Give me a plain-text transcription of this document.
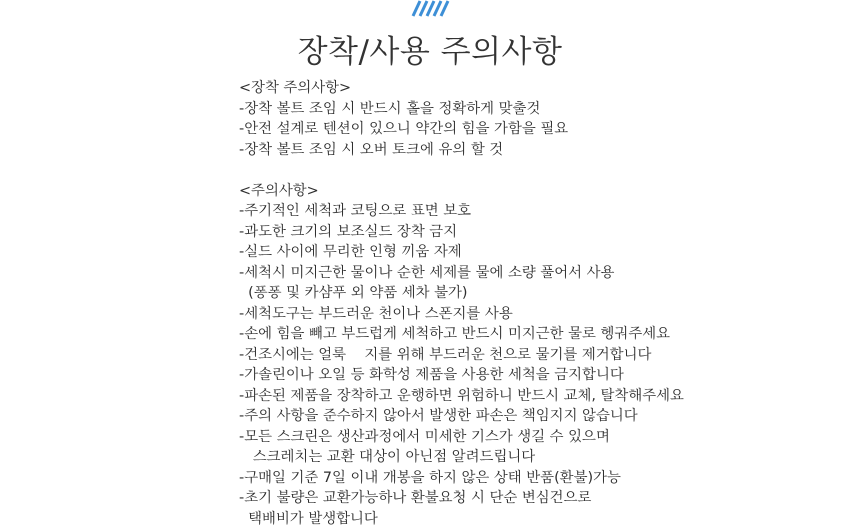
장착/사용 주의사항
<장착 주의사항>
-장착 볼트 조임 시 반드시 홀을 정확하게 맞출것
-안전 설계로 텐션이 있으니 약간의 힘을 가함을 필요
-장착 볼트 조임 시 오버 토크에 유의 할 것
<주의사항>
-주기적인 세척과 코팅으로 표면 보호
-과도한 크기의 보조실드 장착 금지
-실드 사이에 무리한 인형 끼움 자제
-세척시 미지근한 물이나 순한 세제를 물에 소량 풀어서 사용
(퐁퐁 및 카샴푸 외 약품 세차 불가)
-세척도구는 부드러운 천이나 스폰지를 사용
-손에 힘을 빼고 부드럽게 세척하고 반드시 미지근한 물로 헹궈주세요
-건조시에는 얼룩    지를 위해 부드러운 천으로 물기를 제거합니다
-가솔린이나 오일 등 화학성 제품을 사용한 세척을 금지합니다
-파손된 제품을 장착하고 운행하면 위험하니 반드시 교체, 탈착해주세요
-주의 사항을 준수하지 않아서 발생한 파손은 책임지지 않습니다
-모든 스크린은 생산과정에서 미세한 기스가 생길 수 있으며
스크레치는 교환 대상이 아닌점 알려드립니다
-구매일 기준 7일 이내 개봉을 하지 않은 상태 반품(환불)가능
-초기 불량은 교환가능하나 환불요청 시 단순 변심건으로
택배비가 발생합니다
